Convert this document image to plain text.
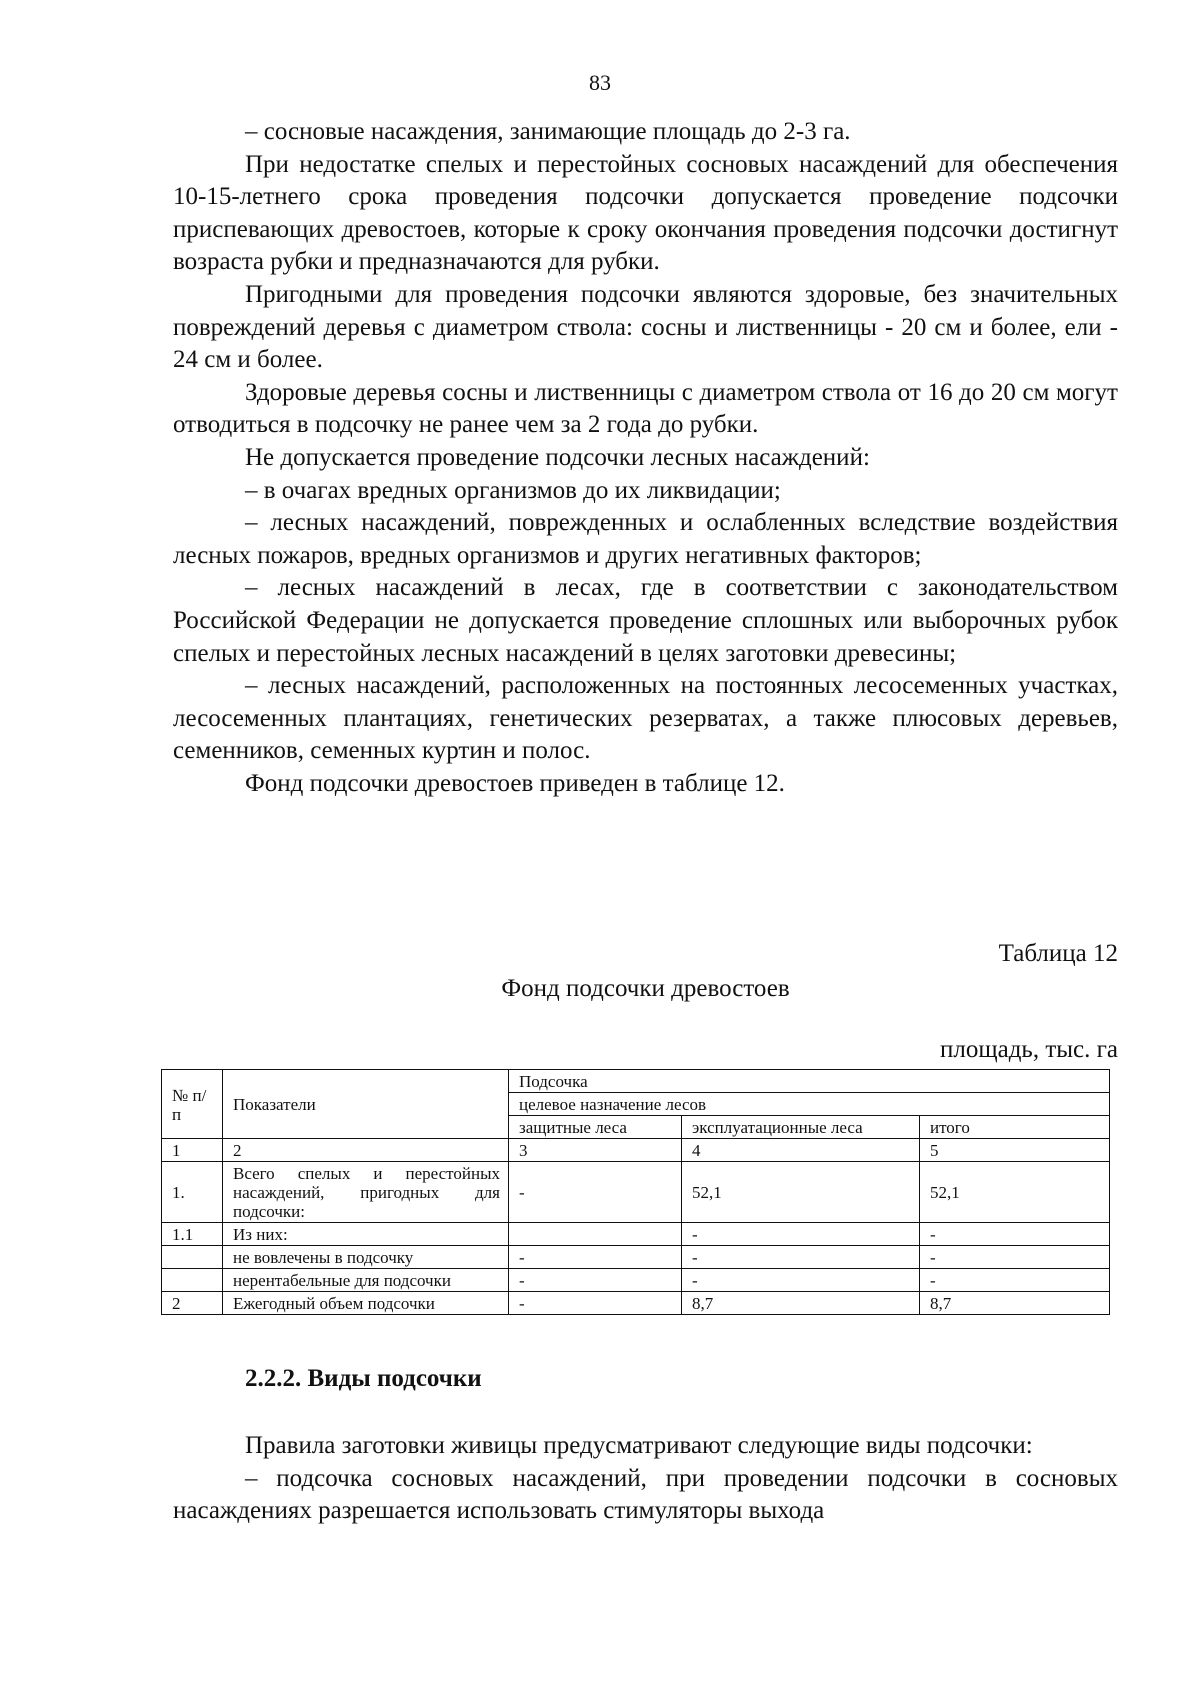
83

– сосновые насаждения, занимающие площадь до 2-3 га.

При недостатке спелых и перестойных сосновых насаждений для обеспечения 10-15-летнего срока проведения подсочки допускается проведение подсочки приспевающих древостоев, которые к сроку окончания проведения подсочки достигнут возраста рубки и предназначаются для рубки.

Пригодными для проведения подсочки являются здоровые, без значительных повреждений деревья с диаметром ствола: сосны и лиственницы - 20 см и более, ели - 24 см и более.

Здоровые деревья сосны и лиственницы с диаметром ствола от 16 до 20 см могут отводиться в подсочку не ранее чем за 2 года до рубки.

Не допускается проведение подсочки лесных насаждений:

– в очагах вредных организмов до их ликвидации;

– лесных насаждений, поврежденных и ослабленных вследствие воздействия лесных пожаров, вредных организмов и других негативных факторов;

– лесных насаждений в лесах, где в соответствии с законодательством Российской Федерации не допускается проведение сплошных или выборочных рубок спелых и перестойных лесных насаждений в целях заготовки древесины;

– лесных насаждений, расположенных на постоянных лесосеменных участках, лесосеменных плантациях, генетических резерватах, а также плюсовых деревьев, семенников, семенных куртин и полос.

Фонд подсочки древостоев приведен в таблице 12.

Таблица 12
Фонд подсочки древостоев
площадь, тыс. га
№ п/п	Показатели	Подсочка		
		целевое назначение лесов		
		защитные леса	эксплуатационные леса	итого
1	2	3	4	5
1.	Всего спелых и перестойных насаждений, пригодных для подсочки:	-	52,1	52,1
1.1	Из них:		-	-
	не вовлечены в подсочку	-	-	-
	нерентабельные для подсочки	-	-	-
2	Ежегодный объем подсочки	-	8,7	8,7
2.2.2. Виды подсочки

Правила заготовки живицы предусматривают следующие виды подсочки:

– подсочка сосновых насаждений, при проведении подсочки в сосновых насаждениях разрешается использовать стимуляторы выхода
